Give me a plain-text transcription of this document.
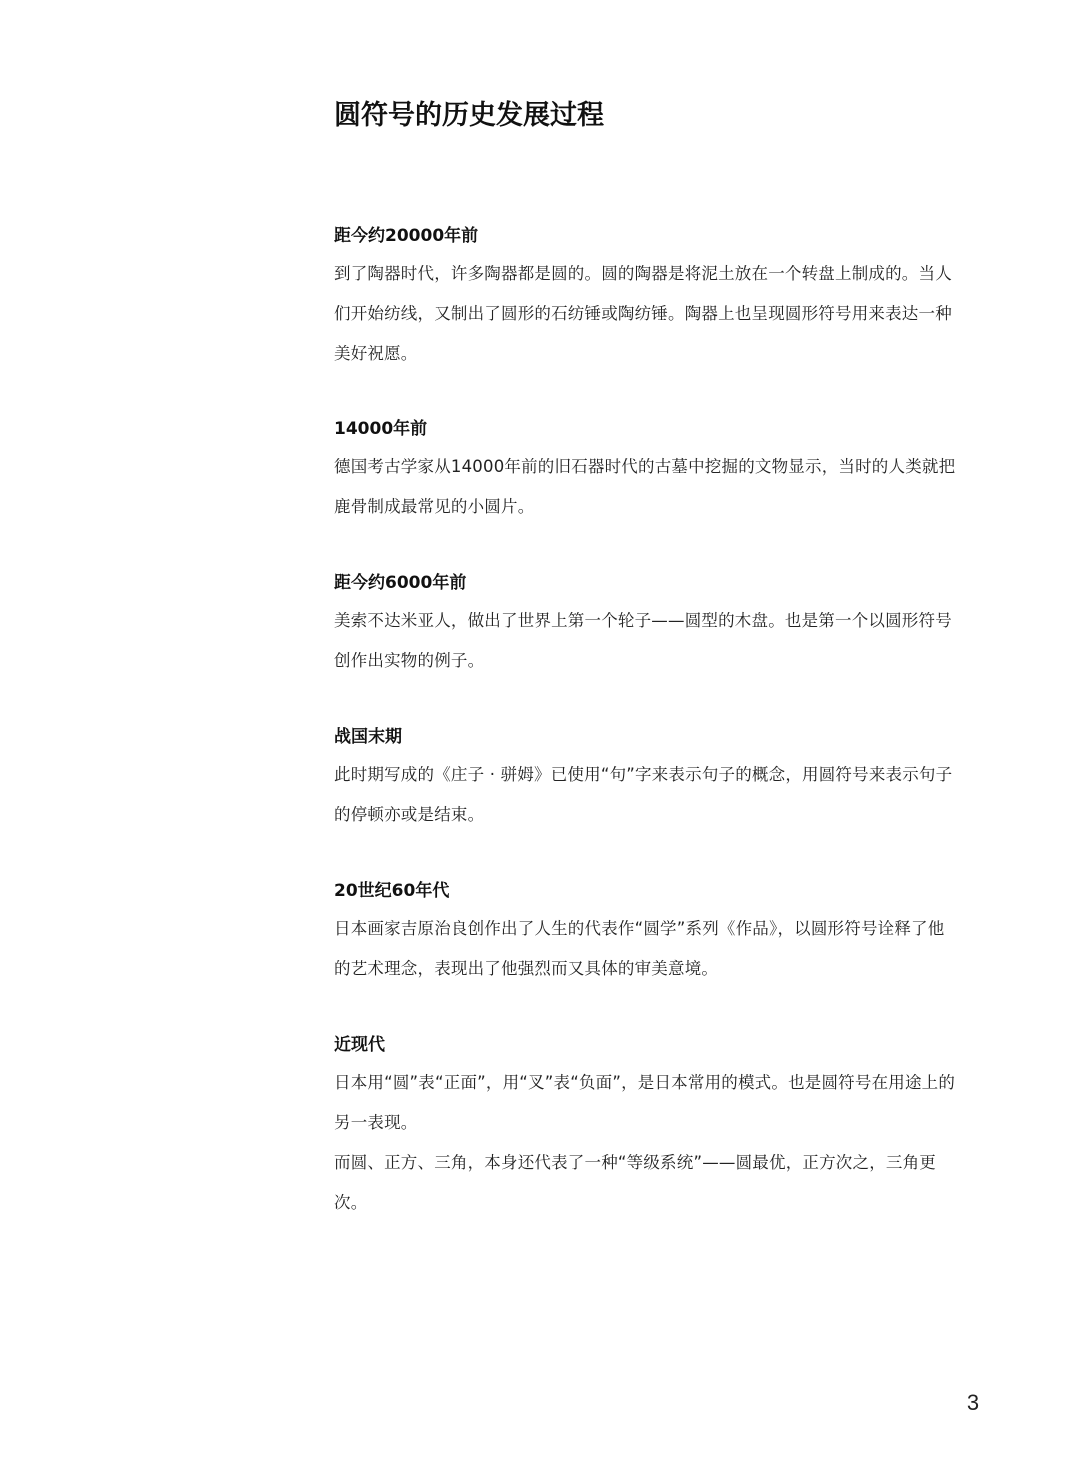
圆符号的历史发展过程
距今约20000年前

到了陶器时代，许多陶器都是圆的。圆的陶器是将泥土放在一个转盘上制成的。当人们开始纺线，又制出了圆形的石纺锤或陶纺锤。陶器上也呈现圆形符号用来表达一种美好祝愿。

14000年前

德国考古学家从14000年前的旧石器时代的古墓中挖掘的文物显示，当时的人类就把鹿骨制成最常见的小圆片。

距今约6000年前

美索不达米亚人，做出了世界上第一个轮子——圆型的木盘。也是第一个以圆形符号创作出实物的例子。

战国末期

此时期写成的《庄子 · 骈姆》已使用“句”字来表示句子的概念，用圆符号来表示句子的停顿亦或是结束。

20世纪60年代

日本画家吉原治良创作出了人生的代表作“圆学”系列《作品》，以圆形符号诠释了他的艺术理念，表现出了他强烈而又具体的审美意境。

近现代

日本用“圆”表“正面”，用“叉”表“负面”，是日本常用的模式。也是圆符号在用途上的另一表现。

而圆、正方、三角，本身还代表了一种“等级系统”——圆最优，正方次之，三角更次。

3
